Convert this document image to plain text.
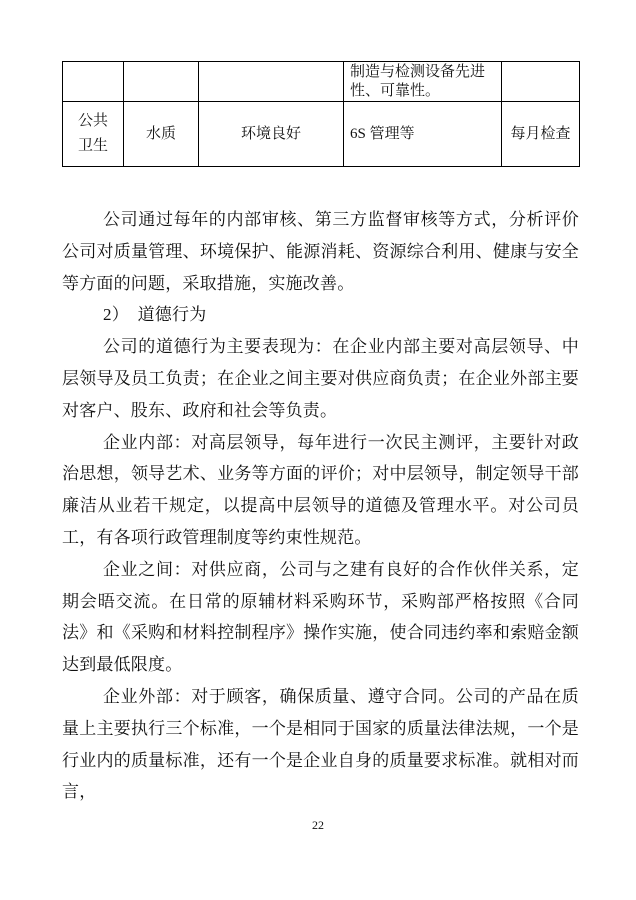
			制造与检测设备先进性、可靠性。	
公共卫生	水质	环境良好	6S 管理等	每月检查

公司通过每年的内部审核、第三方监督审核等方式，分析评价公司对质量管理、环境保护、能源消耗、资源综合利用、健康与安全等方面的问题，采取措施，实施改善。

2）　道德行为

公司的道德行为主要表现为：在企业内部主要对高层领导、中层领导及员工负责；在企业之间主要对供应商负责；在企业外部主要对客户、股东、政府和社会等负责。

企业内部：对高层领导，每年进行一次民主测评，主要针对政治思想，领导艺术、业务等方面的评价；对中层领导，制定领导干部廉洁从业若干规定，以提高中层领导的道德及管理水平。对公司员工，有各项行政管理制度等约束性规范。

企业之间：对供应商，公司与之建有良好的合作伙伴关系，定期会晤交流。在日常的原辅材料采购环节，采购部严格按照《合同法》和《采购和材料控制程序》操作实施，使合同违约率和索赔金额达到最低限度。

企业外部：对于顾客，确保质量、遵守合同。公司的产品在质量上主要执行三个标准，一个是相同于国家的质量法律法规，一个是行业内的质量标准，还有一个是企业自身的质量要求标准。就相对而言，

22
